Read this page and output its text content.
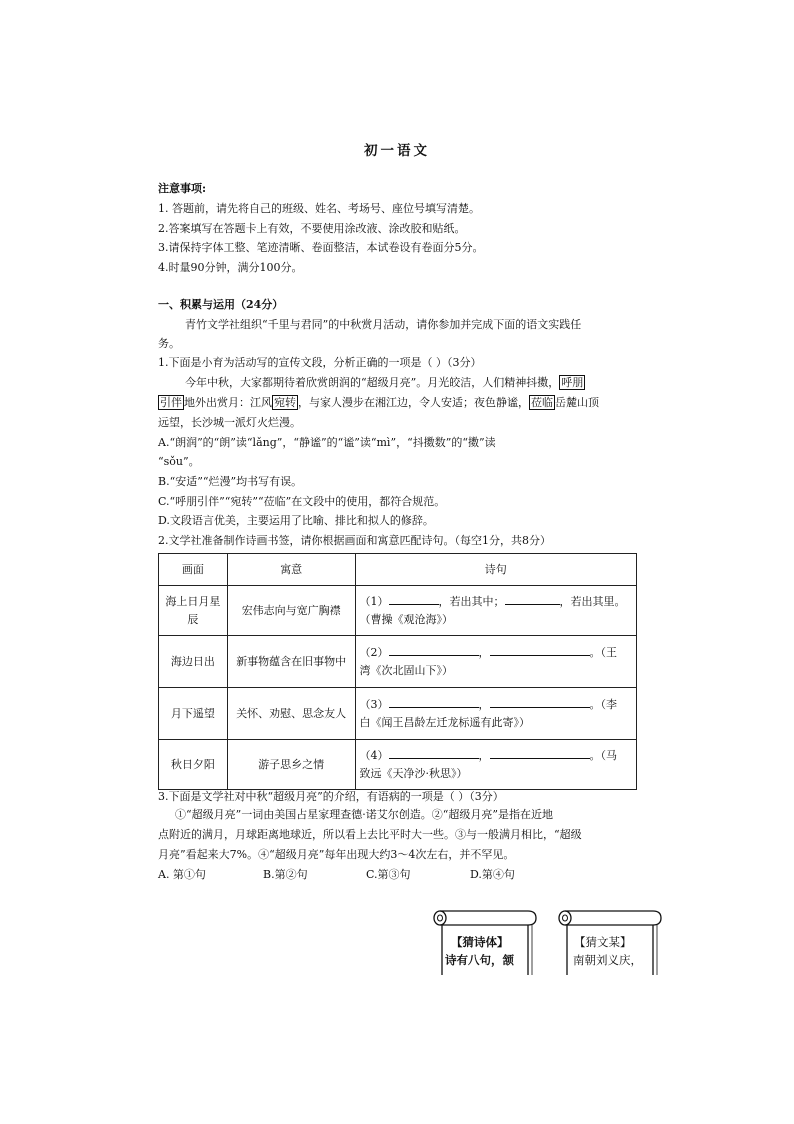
初一语文
注意事项:
1. 答题前，请先将自己的班级、姓名、考场号、座位号填写清楚。
2.答案填写在答题卡上有效，不要使用涂改液、涂改胶和贴纸。
3.请保持字体工整、笔迹清晰、卷面整洁，本试卷设有卷面分5分。
4.时量90分钟，满分100分。
一、积累与运用（24分）
青竹文学社组织“千里与君同”的中秋赏月活动，请你参加并完成下面的语文实践任
务。
1.下面是小育为活动写的宣传文段，分析正确的一项是（ ）（3分）
今年中秋，大家都期待着欣赏朗润的“超级月亮”。月光皎洁，人们精神抖擞， 呼朋
引伴 地外出赏月：江风 宛转 ，与家人漫步在湘江边，令人安适；夜色静谧， 莅临 岳麓山顶
远望，长沙城一派灯火烂漫。
A.“朗润”的“朗”读“lǎng”，“静谧”的“谧”读“mì”，“抖擞数”的“擞”读
“sǒu”。
B.“安适”“烂漫”均书写有误。
C.“呼朋引伴”“宛转”“莅临”在文段中的使用，都符合规范。
D.文段语言优美，主要运用了比喻、排比和拟人的修辞。
2.文学社准备制作诗画书签，请你根据画面和寓意匹配诗句。（每空1分，共8分）
画面	寓意	诗句
海上日月星辰	宏伟志向与宽广胸襟	（1） ，若出其中； ，若出其里。
（曹操《观沧海》）
海边日出	新事物蕴含在旧事物中	（2） ， 。（王
湾《次北固山下》）
月下遥望	关怀、劝慰、思念友人	（3） ， 。（李
白《闻王昌龄左迁龙标遥有此寄》）
秋日夕阳	游子思乡之情	（4） ， 。（马
致远《天净沙·秋思》）
3.下面是文学社对中秋“超级月亮”的介绍，有语病的一项是（ ）（3分）
①“超级月亮”一词由美国占星家理查德·诺艾尔创造。②“超级月亮”是指在近地
点附近的满月，月球距离地球近，所以看上去比平时大一些。③与一般满月相比，“超级
月亮”看起来大7%。④“超级月亮”每年出现大约3～4次左右，并不罕见。
A. 第①句	B.第②句	C.第③句	D.第④句
【猜诗体】
诗有八句，颔
【猜文某】
南朝刘义庆，
